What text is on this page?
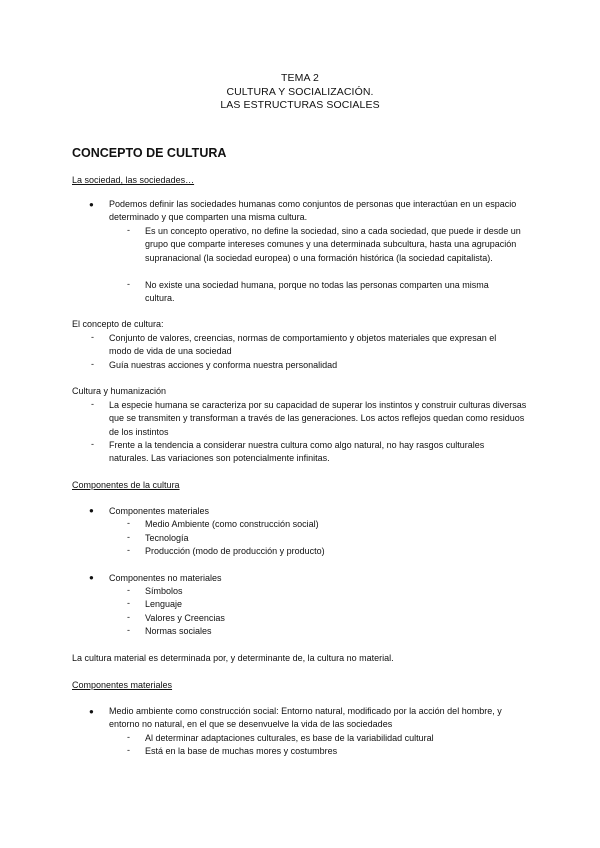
TEMA 2
CULTURA Y SOCIALIZACIÓN.
LAS ESTRUCTURAS SOCIALES
CONCEPTO DE CULTURA
La sociedad, las sociedades…
● Podemos definir las sociedades humanas como conjuntos de personas que interactúan en un espacio determinado y que comparten una misma cultura.
- Es un concepto operativo, no define la sociedad, sino a cada sociedad, que puede ir desde un grupo que comparte intereses comunes y una determinada subcultura, hasta una agrupación supranacional (la sociedad europea) o una formación histórica (la sociedad capitalista).
- No existe una sociedad humana, porque no todas las personas comparten una misma cultura.
El concepto de cultura:
- Conjunto de valores, creencias, normas de comportamiento y objetos materiales que expresan el modo de vida de una sociedad
- Guía nuestras acciones y conforma nuestra personalidad
Cultura y humanización
- La especie humana se caracteriza por su capacidad de superar los instintos y construir culturas diversas que se transmiten y transforman a través de las generaciones. Los actos reflejos quedan como residuos de los instintos
- Frente a la tendencia a considerar nuestra cultura como algo natural, no hay rasgos culturales naturales. Las variaciones son potencialmente infinitas.
Componentes de la cultura
● Componentes materiales
- Medio Ambiente (como construcción social)
- Tecnología
- Producción (modo de producción y producto)
● Componentes no materiales
- Símbolos
- Lenguaje
- Valores y Creencias
- Normas sociales
La cultura material es determinada por, y determinante de, la cultura no material.
Componentes materiales
● Medio ambiente como construcción social: Entorno natural, modificado por la acción del hombre, y entorno no natural, en el que se desenvuelve la vida de las sociedades
- Al determinar adaptaciones culturales, es base de la variabilidad cultural
- Está en la base de muchas mores y costumbres
